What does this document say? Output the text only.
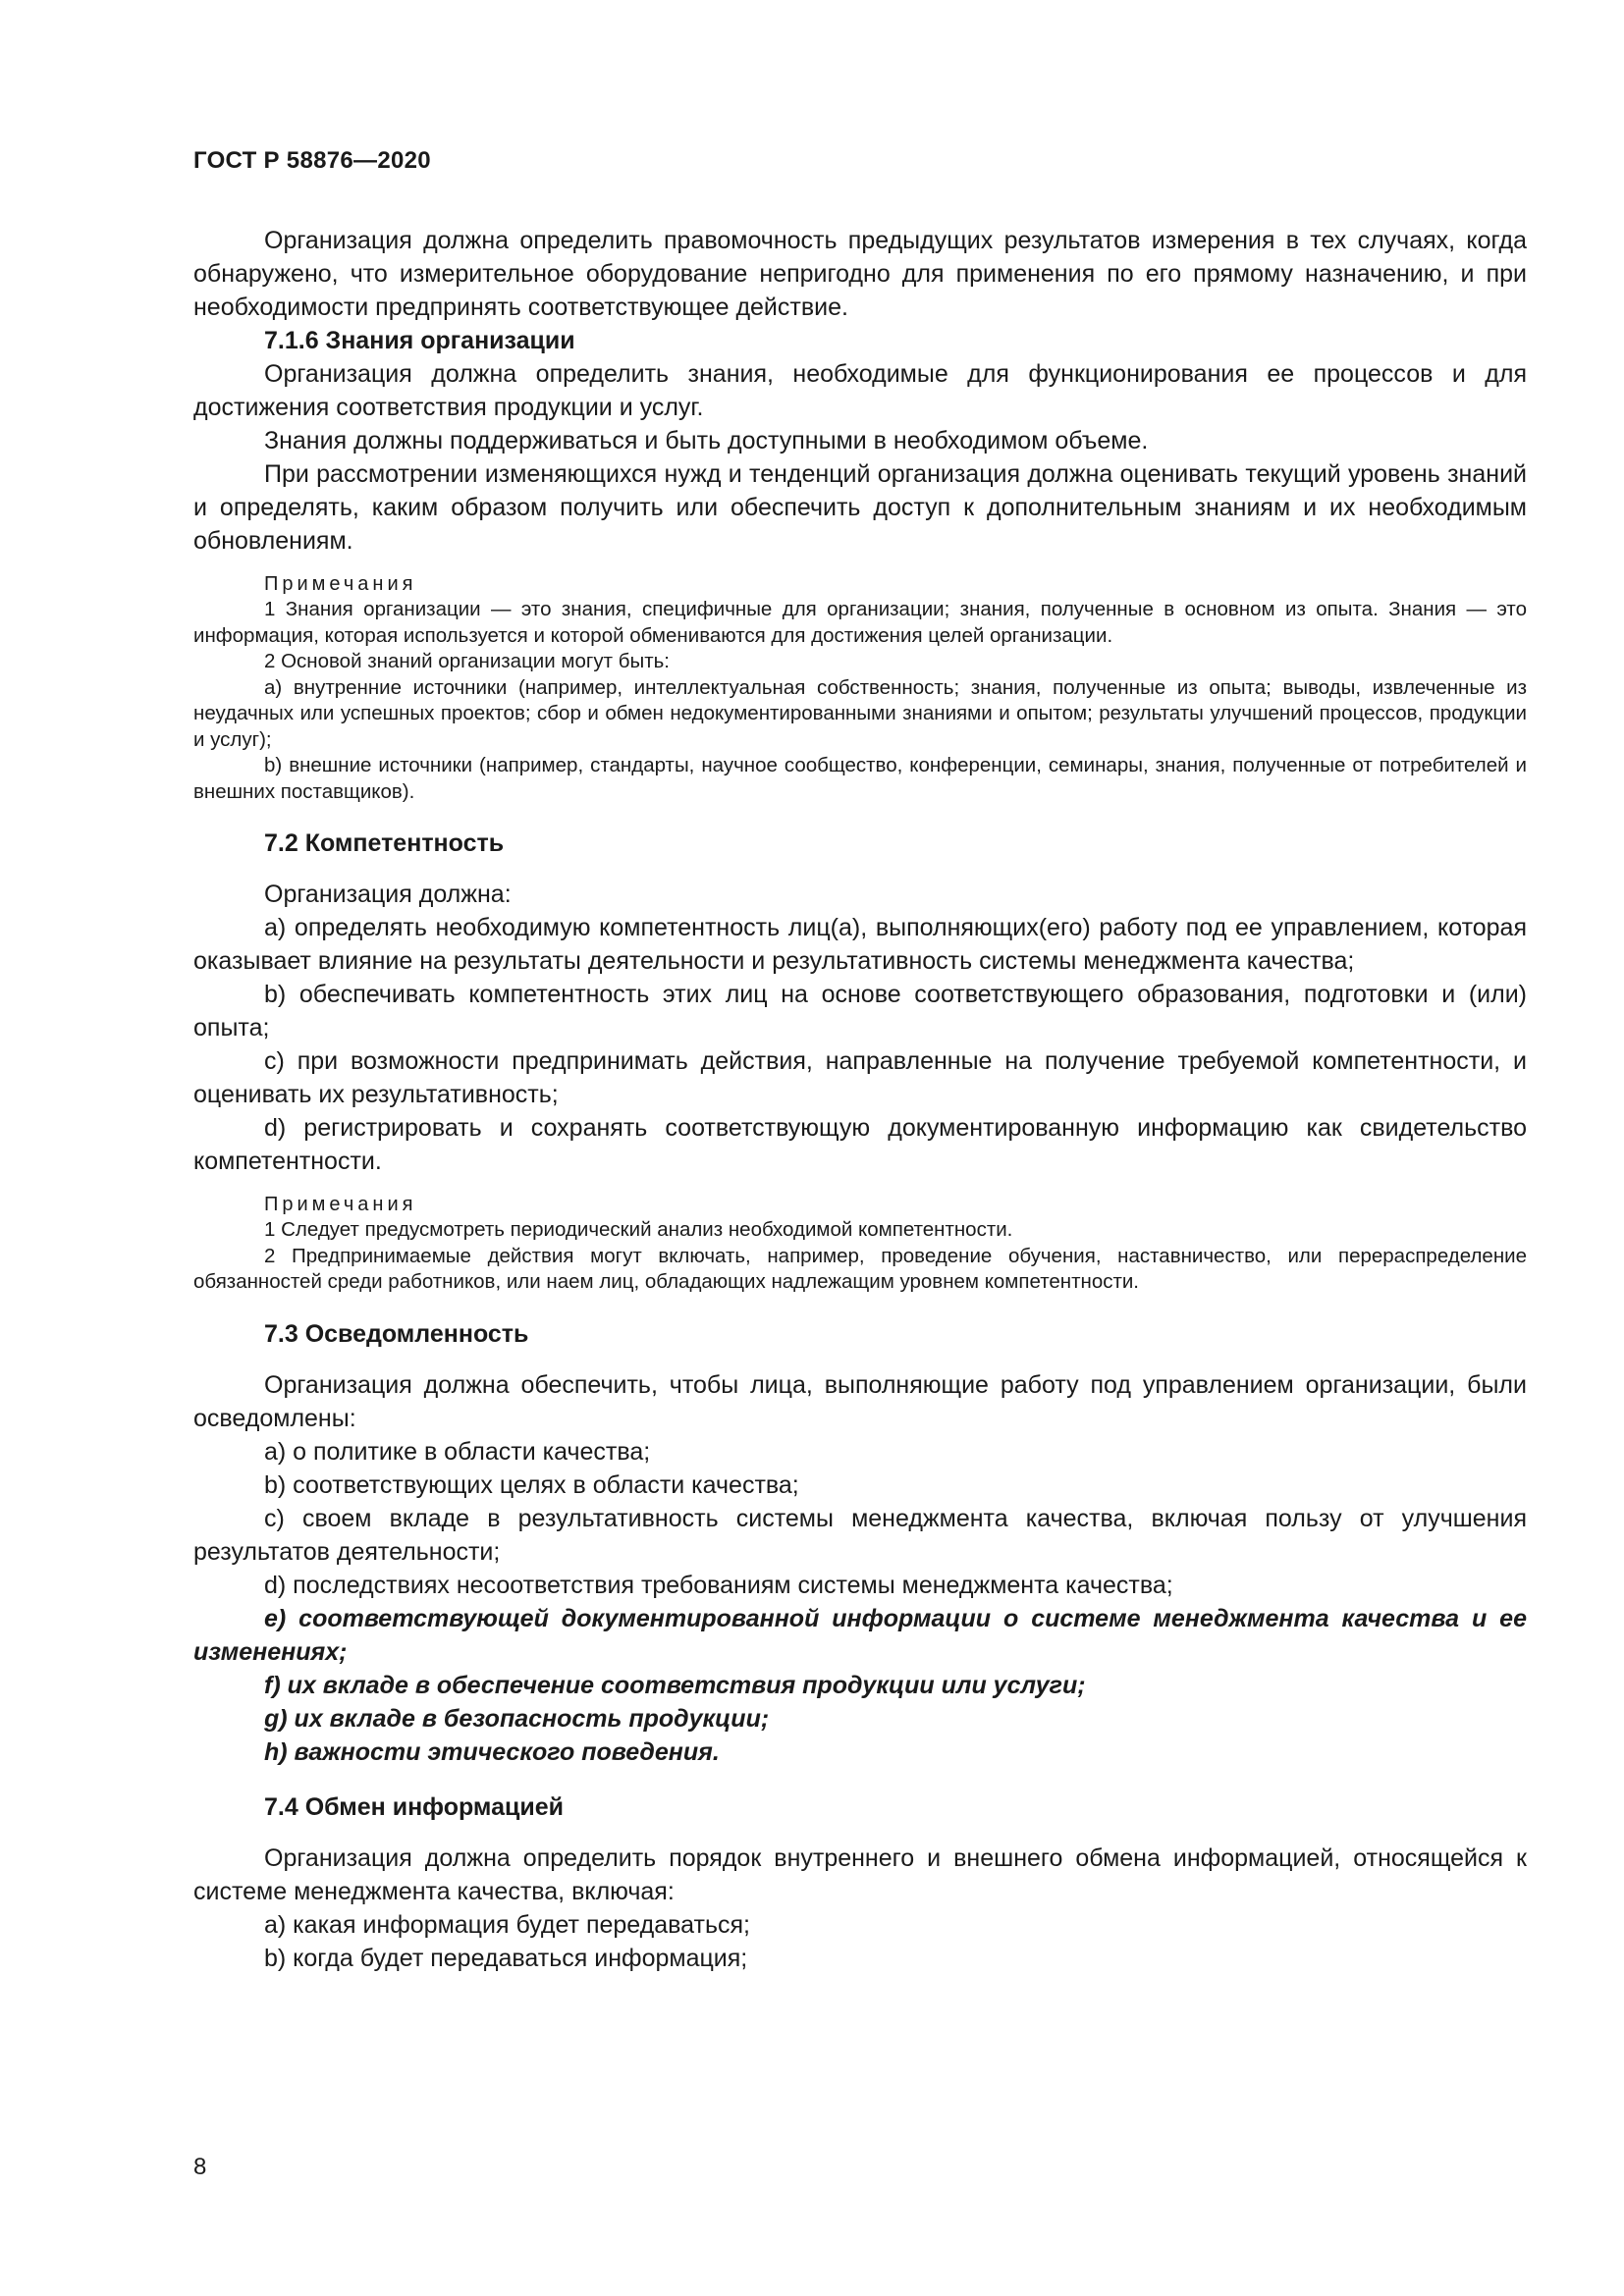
ГОСТ Р 58876—2020

Организация должна определить правомочность предыдущих результатов измерения в тех случаях, когда обнаружено, что измерительное оборудование непригодно для применения по его прямому назначению, и при необходимости предпринять соответствующее действие.

7.1.6 Знания организации

Организация должна определить знания, необходимые для функционирования ее процессов и для достижения соответствия продукции и услуг.

Знания должны поддерживаться и быть доступными в необходимом объеме.

При рассмотрении изменяющихся нужд и тенденций организация должна оценивать текущий уровень знаний и определять, каким образом получить или обеспечить доступ к дополнительным знаниям и их необходимым обновлениям.

Примечания

1 Знания организации — это знания, специфичные для организации; знания, полученные в основном из опыта. Знания — это информация, которая используется и которой обмениваются для достижения целей организации.

2 Основой знаний организации могут быть:

a) внутренние источники (например, интеллектуальная собственность; знания, полученные из опыта; выводы, извлеченные из неудачных или успешных проектов; сбор и обмен недокументированными знаниями и опытом; результаты улучшений процессов, продукции и услуг);

b) внешние источники (например, стандарты, научное сообщество, конференции, семинары, знания, полученные от потребителей и внешних поставщиков).

7.2 Компетентность

Организация должна:

a) определять необходимую компетентность лиц(а), выполняющих(его) работу под ее управлением, которая оказывает влияние на результаты деятельности и результативность системы менеджмента качества;

b) обеспечивать компетентность этих лиц на основе соответствующего образования, подготовки и (или) опыта;

c) при возможности предпринимать действия, направленные на получение требуемой компетентности, и оценивать их результативность;

d) регистрировать и сохранять соответствующую документированную информацию как свидетельство компетентности.

Примечания

1 Следует предусмотреть периодический анализ необходимой компетентности.

2 Предпринимаемые действия могут включать, например, проведение обучения, наставничество, или перераспределение обязанностей среди работников, или наем лиц, обладающих надлежащим уровнем компетентности.

7.3 Осведомленность

Организация должна обеспечить, чтобы лица, выполняющие работу под управлением организации, были осведомлены:

a) о политике в области качества;

b) соответствующих целях в области качества;

c) своем вкладе в результативность системы менеджмента качества, включая пользу от улучшения результатов деятельности;

d) последствиях несоответствия требованиям системы менеджмента качества;

e) соответствующей документированной информации о системе менеджмента качества и ее изменениях;

f) их вкладе в обеспечение соответствия продукции или услуги;

g) их вкладе в безопасность продукции;

h) важности этического поведения.

7.4 Обмен информацией

Организация должна определить порядок внутреннего и внешнего обмена информацией, относящейся к системе менеджмента качества, включая:

a) какая информация будет передаваться;

b) когда будет передаваться информация;

8
